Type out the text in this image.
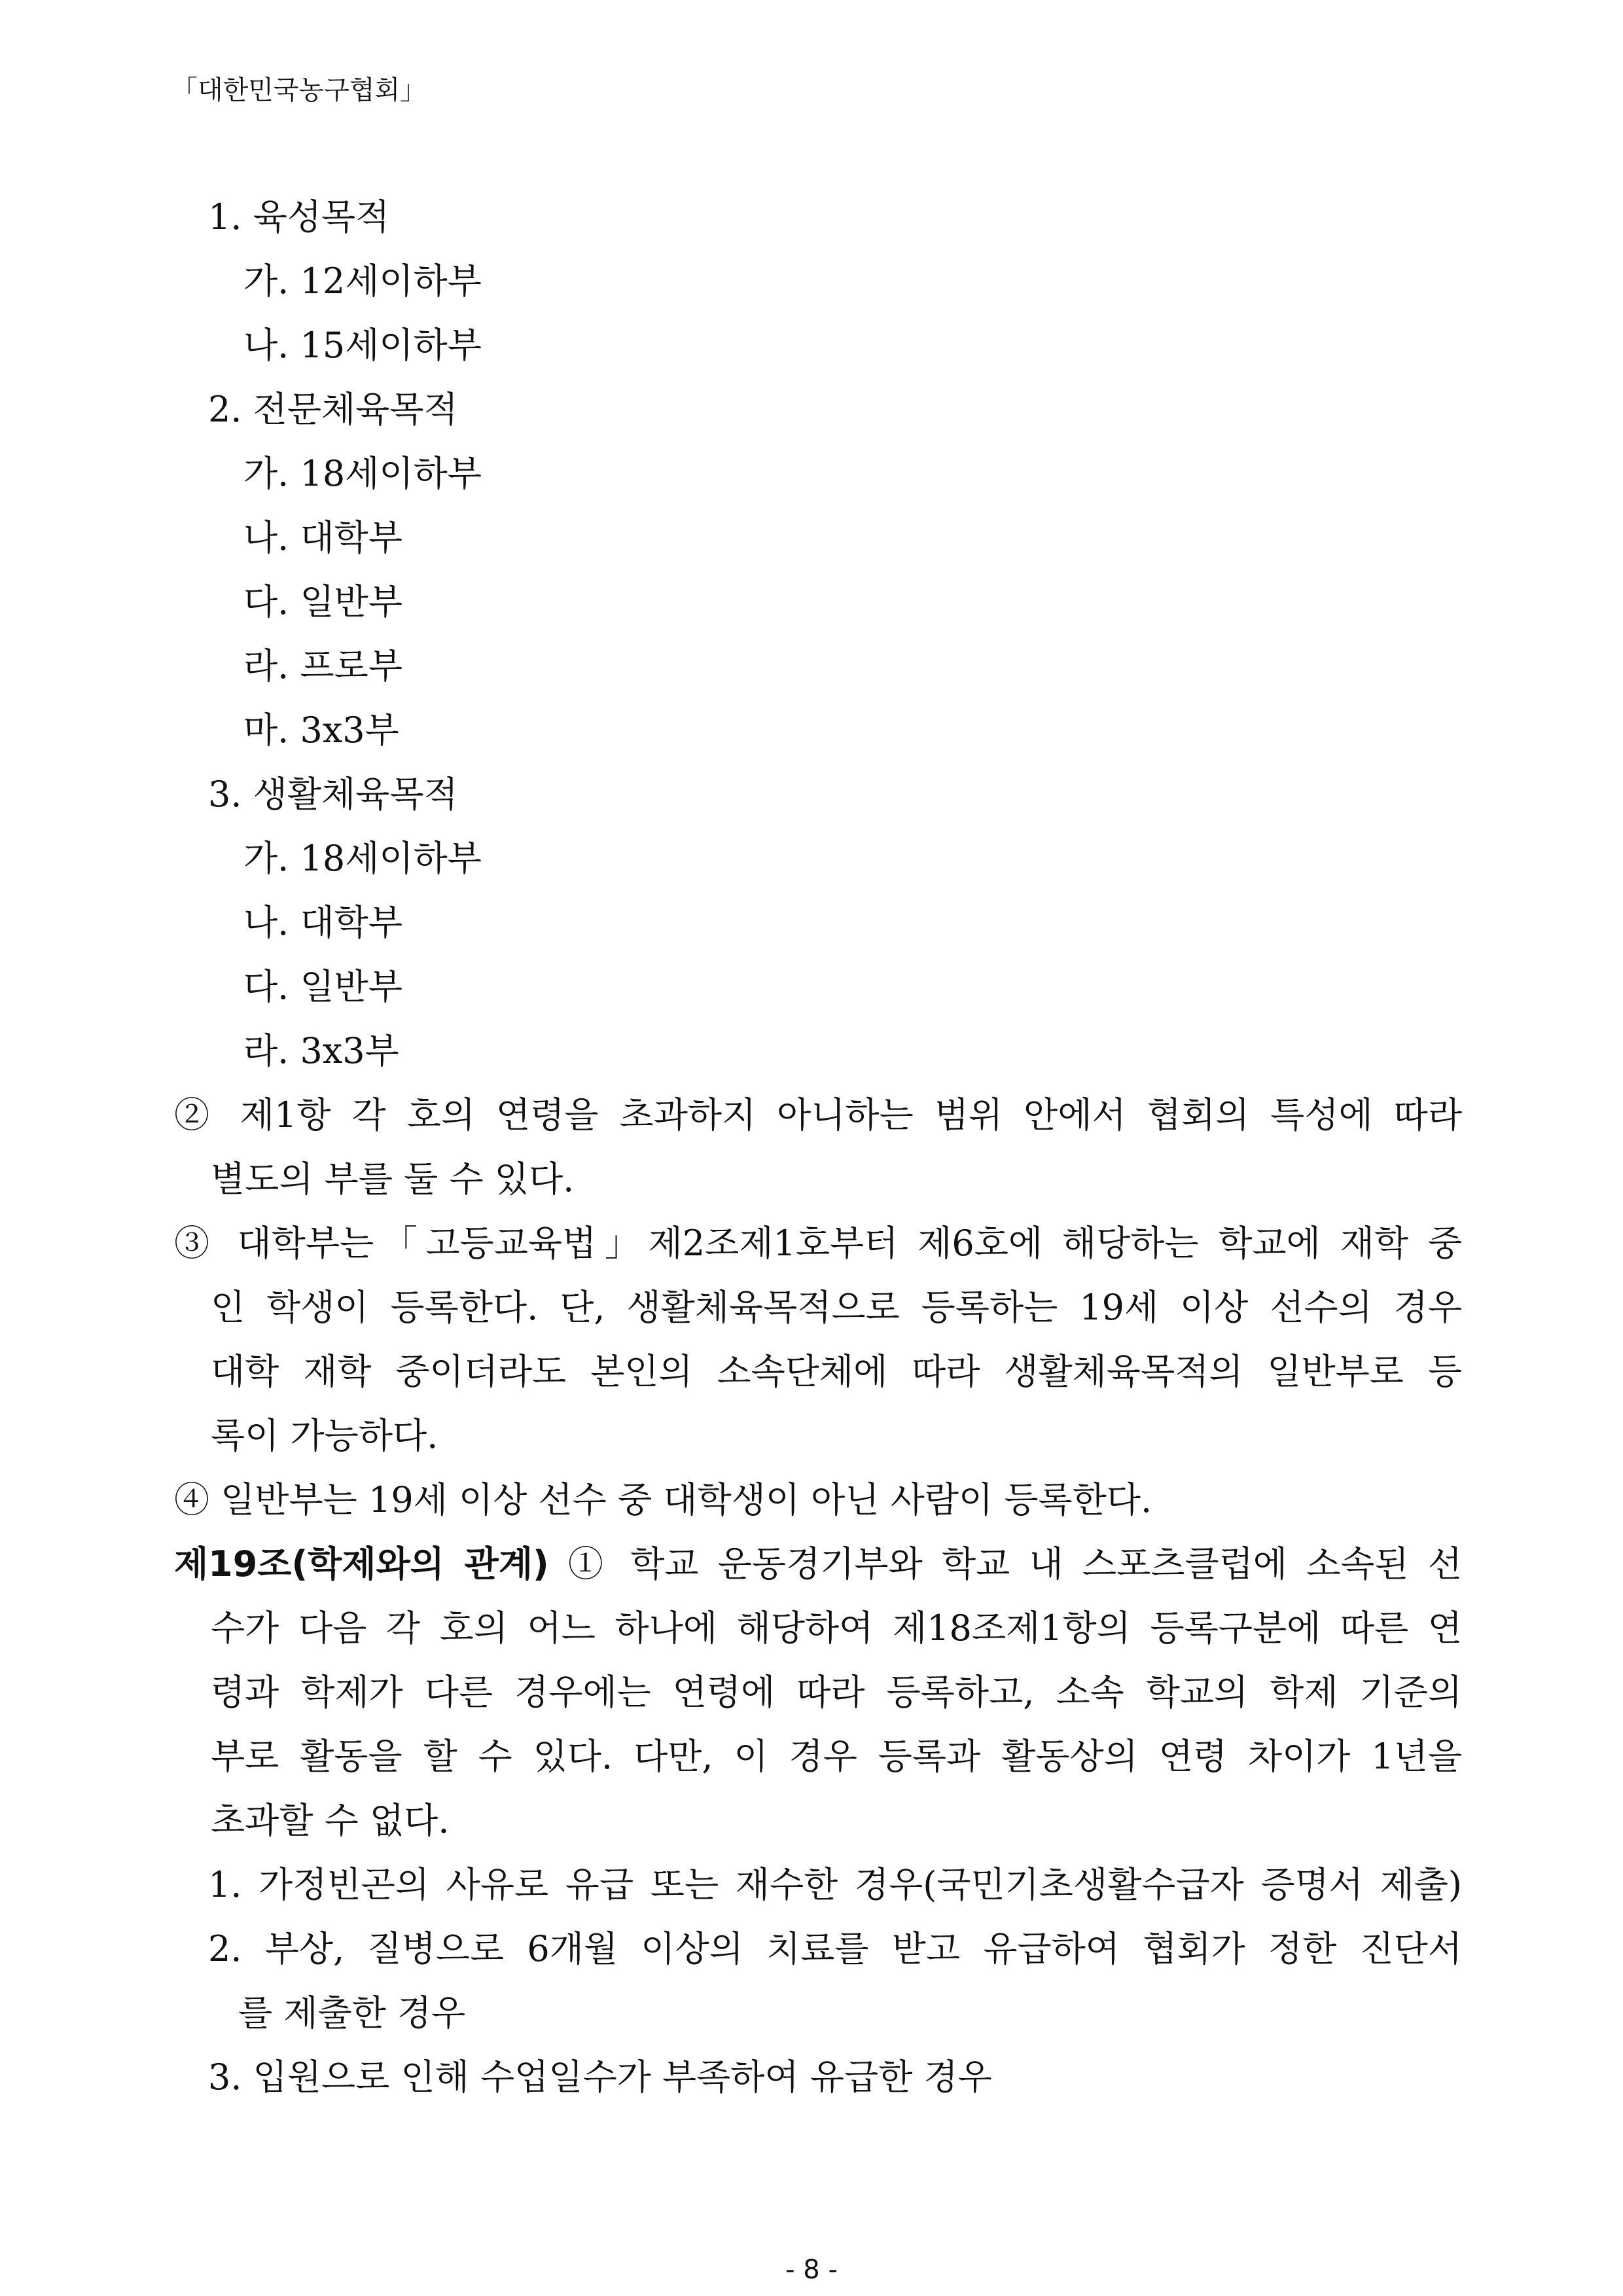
「대한민국농구협회」
1. 육성목적
가. 12세이하부
나. 15세이하부
2. 전문체육목적
가. 18세이하부
나. 대학부
다. 일반부
라. 프로부
마. 3x3부
3. 생활체육목적
가. 18세이하부
나. 대학부
다. 일반부
라. 3x3부
② 제1항 각 호의 연령을 초과하지 아니하는 범위 안에서 협회의 특성에 따라
별도의 부를 둘 수 있다.
③ 대학부는「고등교육법」제2조제1호부터 제6호에 해당하는 학교에 재학 중
인 학생이 등록한다. 단, 생활체육목적으로 등록하는 19세 이상 선수의 경우
대학 재학 중이더라도 본인의 소속단체에 따라 생활체육목적의 일반부로 등
록이 가능하다.
④ 일반부는 19세 이상 선수 중 대학생이 아닌 사람이 등록한다.
제19조(학제와의 관계) ① 학교 운동경기부와 학교 내 스포츠클럽에 소속된 선
수가 다음 각 호의 어느 하나에 해당하여 제18조제1항의 등록구분에 따른 연
령과 학제가 다른 경우에는 연령에 따라 등록하고, 소속 학교의 학제 기준의
부로 활동을 할 수 있다. 다만, 이 경우 등록과 활동상의 연령 차이가 1년을
초과할 수 없다.
1. 가정빈곤의 사유로 유급 또는 재수한 경우(국민기초생활수급자 증명서 제출)
2. 부상, 질병으로 6개월 이상의 치료를 받고 유급하여 협회가 정한 진단서
를 제출한 경우
3. 입원으로 인해 수업일수가 부족하여 유급한 경우
- 8 -
